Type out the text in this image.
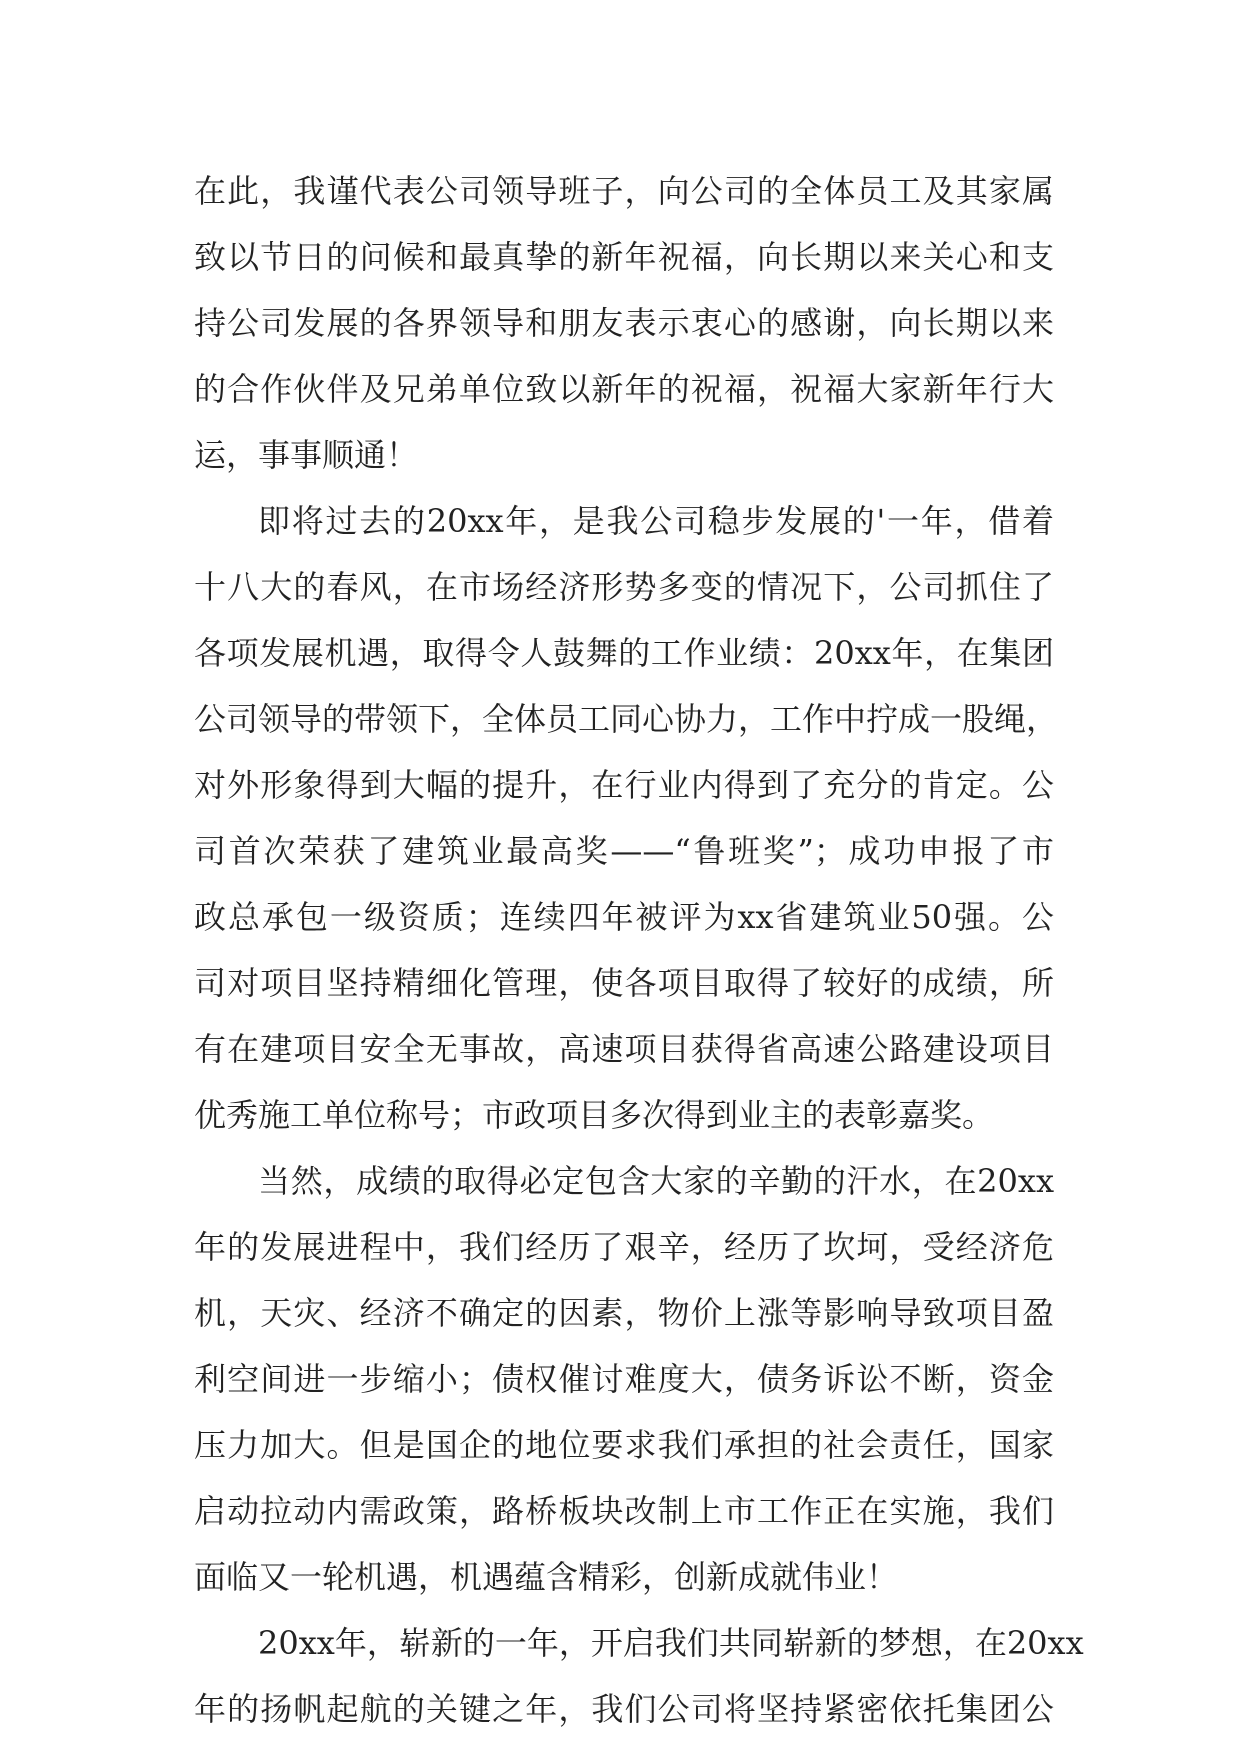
在此，我谨代表公司领导班子，向公司的全体员工及其家属
致以节日的问候和最真挚的新年祝福，向长期以来关心和支
持公司发展的各界领导和朋友表示衷心的感谢，向长期以来
的合作伙伴及兄弟单位致以新年的祝福，祝福大家新年行大
运，事事顺通！
即将过去的20xx年，是我公司稳步发展的'一年，借着
十八大的春风，在市场经济形势多变的情况下，公司抓住了
各项发展机遇，取得令人鼓舞的工作业绩：20xx年，在集团
公司领导的带领下，全体员工同心协力，工作中拧成一股绳，
对外形象得到大幅的提升，在行业内得到了充分的肯定。公
司首次荣获了建筑业最高奖——“鲁班奖”；成功申报了市
政总承包一级资质；连续四年被评为xx省建筑业50强。公
司对项目坚持精细化管理，使各项目取得了较好的成绩，所
有在建项目安全无事故，高速项目获得省高速公路建设项目
优秀施工单位称号；市政项目多次得到业主的表彰嘉奖。
当然，成绩的取得必定包含大家的辛勤的汗水，在20xx
年的发展进程中，我们经历了艰辛，经历了坎坷，受经济危
机，天灾、经济不确定的因素，物价上涨等影响导致项目盈
利空间进一步缩小；债权催讨难度大，债务诉讼不断，资金
压力加大。但是国企的地位要求我们承担的社会责任，国家
启动拉动内需政策，路桥板块改制上市工作正在实施，我们
面临又一轮机遇，机遇蕴含精彩，创新成就伟业！
20xx年，崭新的一年，开启我们共同崭新的梦想，在20xx
年的扬帆起航的关键之年，我们公司将坚持紧密依托集团公
